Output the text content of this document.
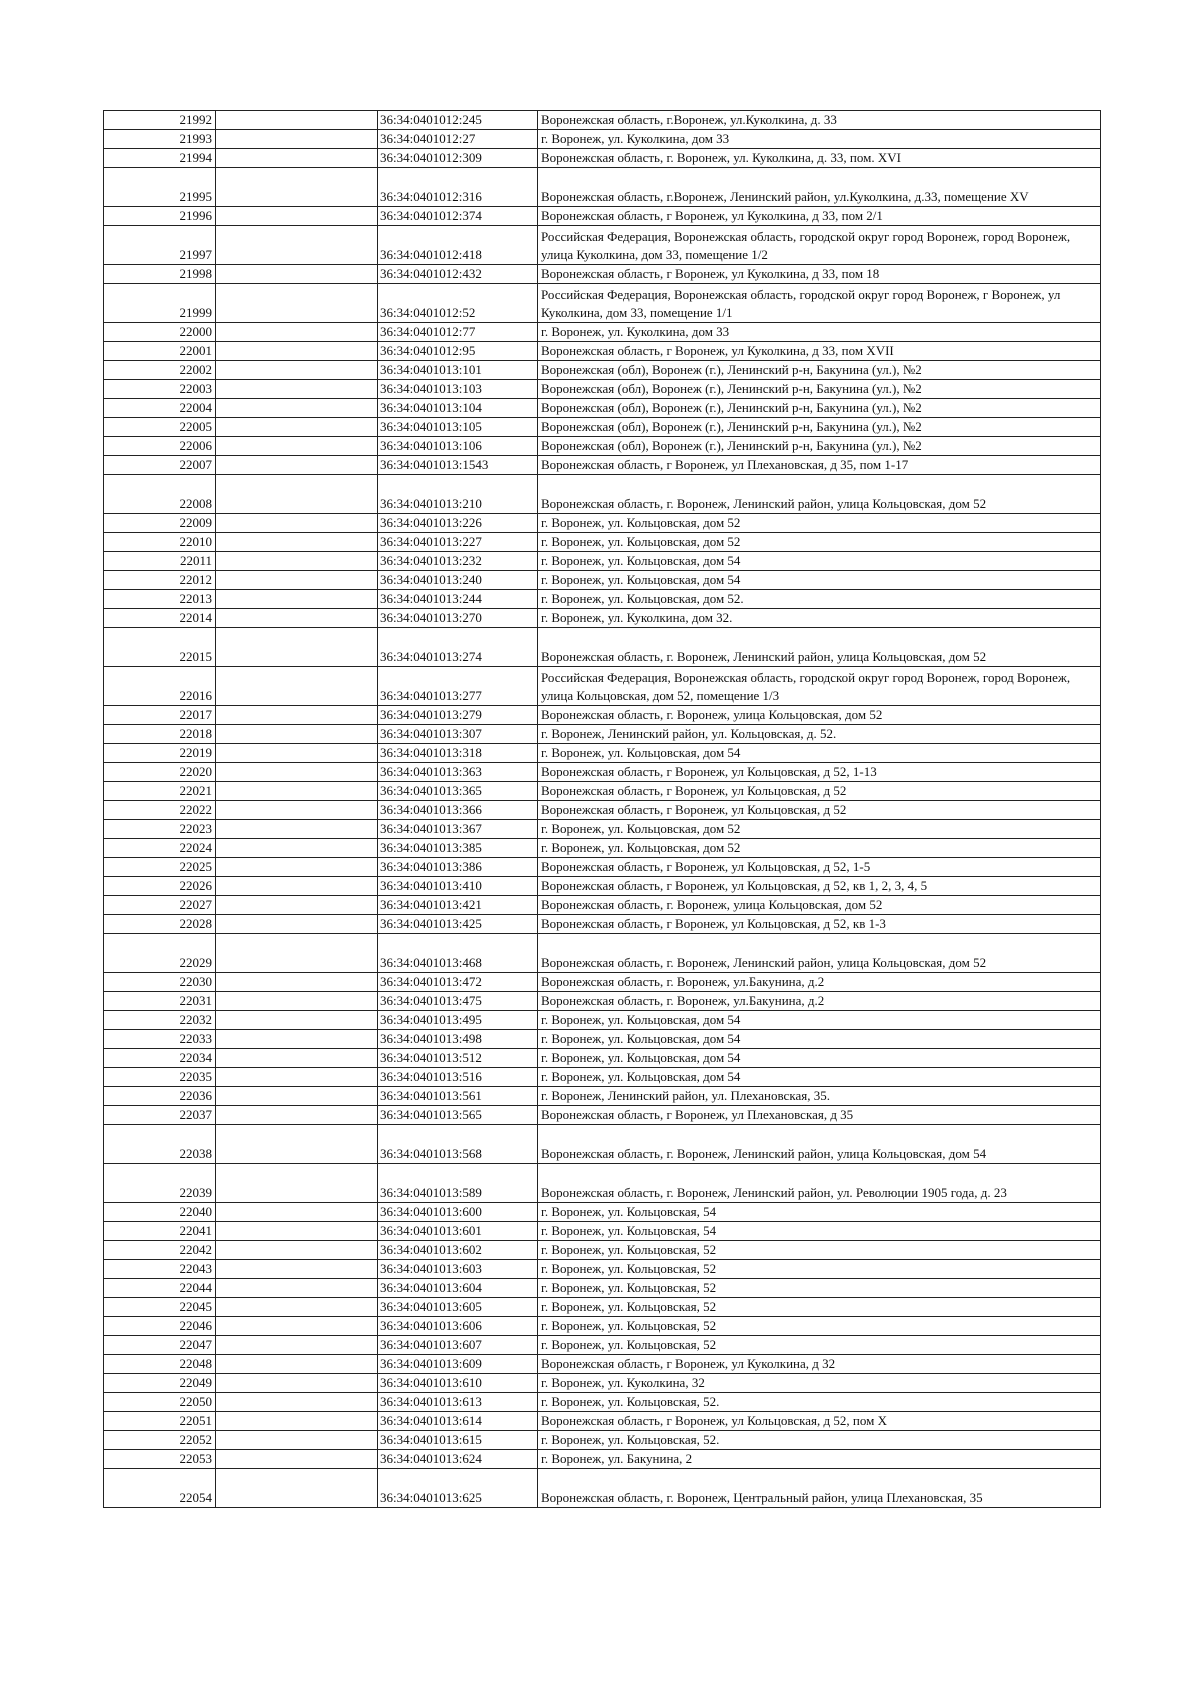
21992		36:34:0401012:245	Воронежская область, г.Воронеж, ул.Куколкина, д. 33
21993		36:34:0401012:27	г. Воронеж, ул. Куколкина, дом 33
21994		36:34:0401012:309	Воронежская область, г. Воронеж, ул. Куколкина, д. 33, пом. XVI
21995		36:34:0401012:316	Воронежская область, г.Воронеж, Ленинский район, ул.Куколкина, д.33, помещение XV
21996		36:34:0401012:374	Воронежская область, г Воронеж, ул Куколкина, д 33, пом 2/1
21997		36:34:0401012:418	Российская Федерация, Воронежская область, городской округ город Воронеж, город Воронеж, улица Куколкина, дом 33, помещение 1/2
21998		36:34:0401012:432	Воронежская область, г Воронеж, ул Куколкина, д 33, пом 18
21999		36:34:0401012:52	Российская Федерация, Воронежская область, городской округ город Воронеж, г Воронеж, ул Куколкина, дом 33, помещение 1/1
22000		36:34:0401012:77	г. Воронеж, ул. Куколкина, дом 33
22001		36:34:0401012:95	Воронежская область, г Воронеж, ул Куколкина, д 33, пом XVII
22002		36:34:0401013:101	Воронежская (обл), Воронеж (г.), Ленинский р-н, Бакунина (ул.), №2
22003		36:34:0401013:103	Воронежская (обл), Воронеж (г.), Ленинский р-н, Бакунина (ул.), №2
22004		36:34:0401013:104	Воронежская (обл), Воронеж (г.), Ленинский р-н, Бакунина (ул.), №2
22005		36:34:0401013:105	Воронежская (обл), Воронеж (г.), Ленинский р-н, Бакунина (ул.), №2
22006		36:34:0401013:106	Воронежская (обл), Воронеж (г.), Ленинский р-н, Бакунина (ул.), №2
22007		36:34:0401013:1543	Воронежская область, г Воронеж, ул Плехановская, д 35, пом 1-17
22008		36:34:0401013:210	Воронежская область, г. Воронеж, Ленинский район, улица Кольцовская, дом 52
22009		36:34:0401013:226	г. Воронеж, ул. Кольцовская, дом 52
22010		36:34:0401013:227	г. Воронеж, ул. Кольцовская, дом 52
22011		36:34:0401013:232	г. Воронеж, ул. Кольцовская, дом 54
22012		36:34:0401013:240	г. Воронеж, ул. Кольцовская, дом 54
22013		36:34:0401013:244	г. Воронеж, ул. Кольцовская, дом 52.
22014		36:34:0401013:270	г. Воронеж, ул. Куколкина, дом 32.
22015		36:34:0401013:274	Воронежская область, г. Воронеж, Ленинский район, улица Кольцовская, дом 52
22016		36:34:0401013:277	Российская Федерация, Воронежская область, городской округ город Воронеж, город Воронеж, улица Кольцовская, дом 52, помещение 1/3
22017		36:34:0401013:279	Воронежская область, г. Воронеж, улица Кольцовская, дом 52
22018		36:34:0401013:307	г. Воронеж, Ленинский район, ул. Кольцовская, д. 52.
22019		36:34:0401013:318	г. Воронеж, ул. Кольцовская, дом 54
22020		36:34:0401013:363	Воронежская область, г Воронеж, ул Кольцовская, д 52, 1-13
22021		36:34:0401013:365	Воронежская область, г Воронеж, ул Кольцовская, д 52
22022		36:34:0401013:366	Воронежская область, г Воронеж, ул Кольцовская, д 52
22023		36:34:0401013:367	г. Воронеж, ул. Кольцовская, дом 52
22024		36:34:0401013:385	г. Воронеж, ул. Кольцовская, дом 52
22025		36:34:0401013:386	Воронежская область, г Воронеж, ул Кольцовская, д 52, 1-5
22026		36:34:0401013:410	Воронежская область, г Воронеж, ул Кольцовская, д 52, кв 1, 2, 3, 4, 5
22027		36:34:0401013:421	Воронежская область, г. Воронеж, улица Кольцовская, дом 52
22028		36:34:0401013:425	Воронежская область, г Воронеж, ул Кольцовская, д 52, кв 1-3
22029		36:34:0401013:468	Воронежская область, г. Воронеж, Ленинский район, улица Кольцовская, дом 52
22030		36:34:0401013:472	Воронежская область, г. Воронеж, ул.Бакунина, д.2
22031		36:34:0401013:475	Воронежская область, г. Воронеж, ул.Бакунина, д.2
22032		36:34:0401013:495	г. Воронеж, ул. Кольцовская, дом 54
22033		36:34:0401013:498	г. Воронеж, ул. Кольцовская, дом 54
22034		36:34:0401013:512	г. Воронеж, ул. Кольцовская, дом 54
22035		36:34:0401013:516	г. Воронеж, ул. Кольцовская, дом 54
22036		36:34:0401013:561	г. Воронеж, Ленинский район, ул. Плехановская, 35.
22037		36:34:0401013:565	Воронежская область, г Воронеж, ул Плехановская, д 35
22038		36:34:0401013:568	Воронежская область, г. Воронеж, Ленинский район, улица Кольцовская, дом 54
22039		36:34:0401013:589	Воронежская область, г. Воронеж, Ленинский район, ул. Революции 1905 года, д. 23
22040		36:34:0401013:600	г. Воронеж, ул. Кольцовская, 54
22041		36:34:0401013:601	г. Воронеж, ул. Кольцовская, 54
22042		36:34:0401013:602	г. Воронеж, ул. Кольцовская, 52
22043		36:34:0401013:603	г. Воронеж, ул. Кольцовская, 52
22044		36:34:0401013:604	г. Воронеж, ул. Кольцовская, 52
22045		36:34:0401013:605	г. Воронеж, ул. Кольцовская, 52
22046		36:34:0401013:606	г. Воронеж, ул. Кольцовская, 52
22047		36:34:0401013:607	г. Воронеж, ул. Кольцовская, 52
22048		36:34:0401013:609	Воронежская область, г Воронеж, ул Куколкина, д 32
22049		36:34:0401013:610	г. Воронеж, ул. Куколкина, 32
22050		36:34:0401013:613	г. Воронеж, ул. Кольцовская, 52.
22051		36:34:0401013:614	Воронежская область, г Воронеж, ул Кольцовская, д 52, пом X
22052		36:34:0401013:615	г. Воронеж, ул. Кольцовская, 52.
22053		36:34:0401013:624	г. Воронеж, ул. Бакунина, 2
22054		36:34:0401013:625	Воронежская область, г. Воронеж, Центральный район, улица Плехановская, 35
